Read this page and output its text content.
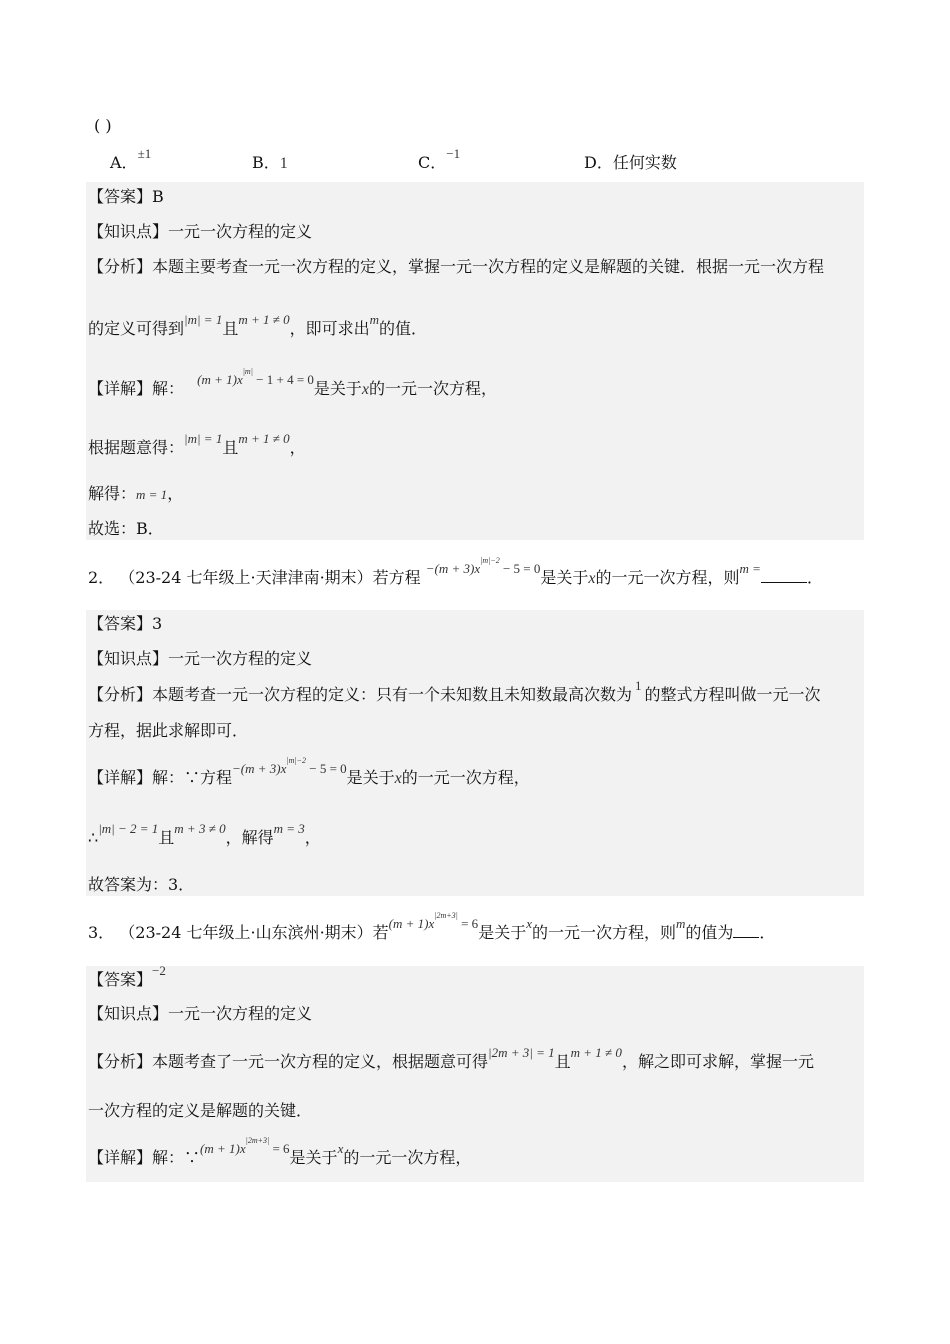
( )
A．$^{\pm 1}$	B．1	C．$^{-1}$	D．任何实数
【答案】B
【知识点】一元一次方程的定义
【分析】本题主要考查一元一次方程的定义，掌握一元一次方程的定义是解题的关键．根据一元一次方程
的定义可得到$^{|m| = 1}$且$^{m + 1 \ne 0}$，即可求出$^m$的值．
【详解】解： $^{(m + 1)x^{|m|} - 1 + 4 = 0}$是关于x的一元一次方程，
根据题意得：$^{|m| = 1}$且$^{m + 1 \ne 0}$，
解得：m = 1，
故选：B．
2． （23-24 七年级上·天津津南·期末）若方程 $^{-(m + 3)x^{|m|-2} - 5 = 0}$是关于x的一元一次方程，则$^{m =}$	．
【答案】3
【知识点】一元一次方程的定义
【分析】本题考查一元一次方程的定义：只有一个未知数且未知数最高次数为 $^1$ 的整式方程叫做一元一次
方程，据此求解即可．
【详解】解：∵方程$^{-(m + 3)x^{|m|-2} - 5 = 0}$是关于x的一元一次方程，
∴$^{|m| - 2 = 1}$且$^{m + 3 \ne 0}$，解得$^{m = 3}$，
故答案为：3．
3． （23-24 七年级上·山东滨州·期末）若$^{(m + 1)x^{|2m+3|} = 6}$是关于$^x$的一元一次方程，则$^m$的值为 ．
【答案】$^{-2}$
【知识点】一元一次方程的定义
【分析】本题考查了一元一次方程的定义，根据题意可得$^{|2m + 3| = 1}$且$^{m + 1 \ne 0}$，解之即可求解，掌握一元
一次方程的定义是解题的关键．
【详解】解：∵$^{(m + 1)x^{|2m+3|} = 6}$是关于$^x$的一元一次方程，
